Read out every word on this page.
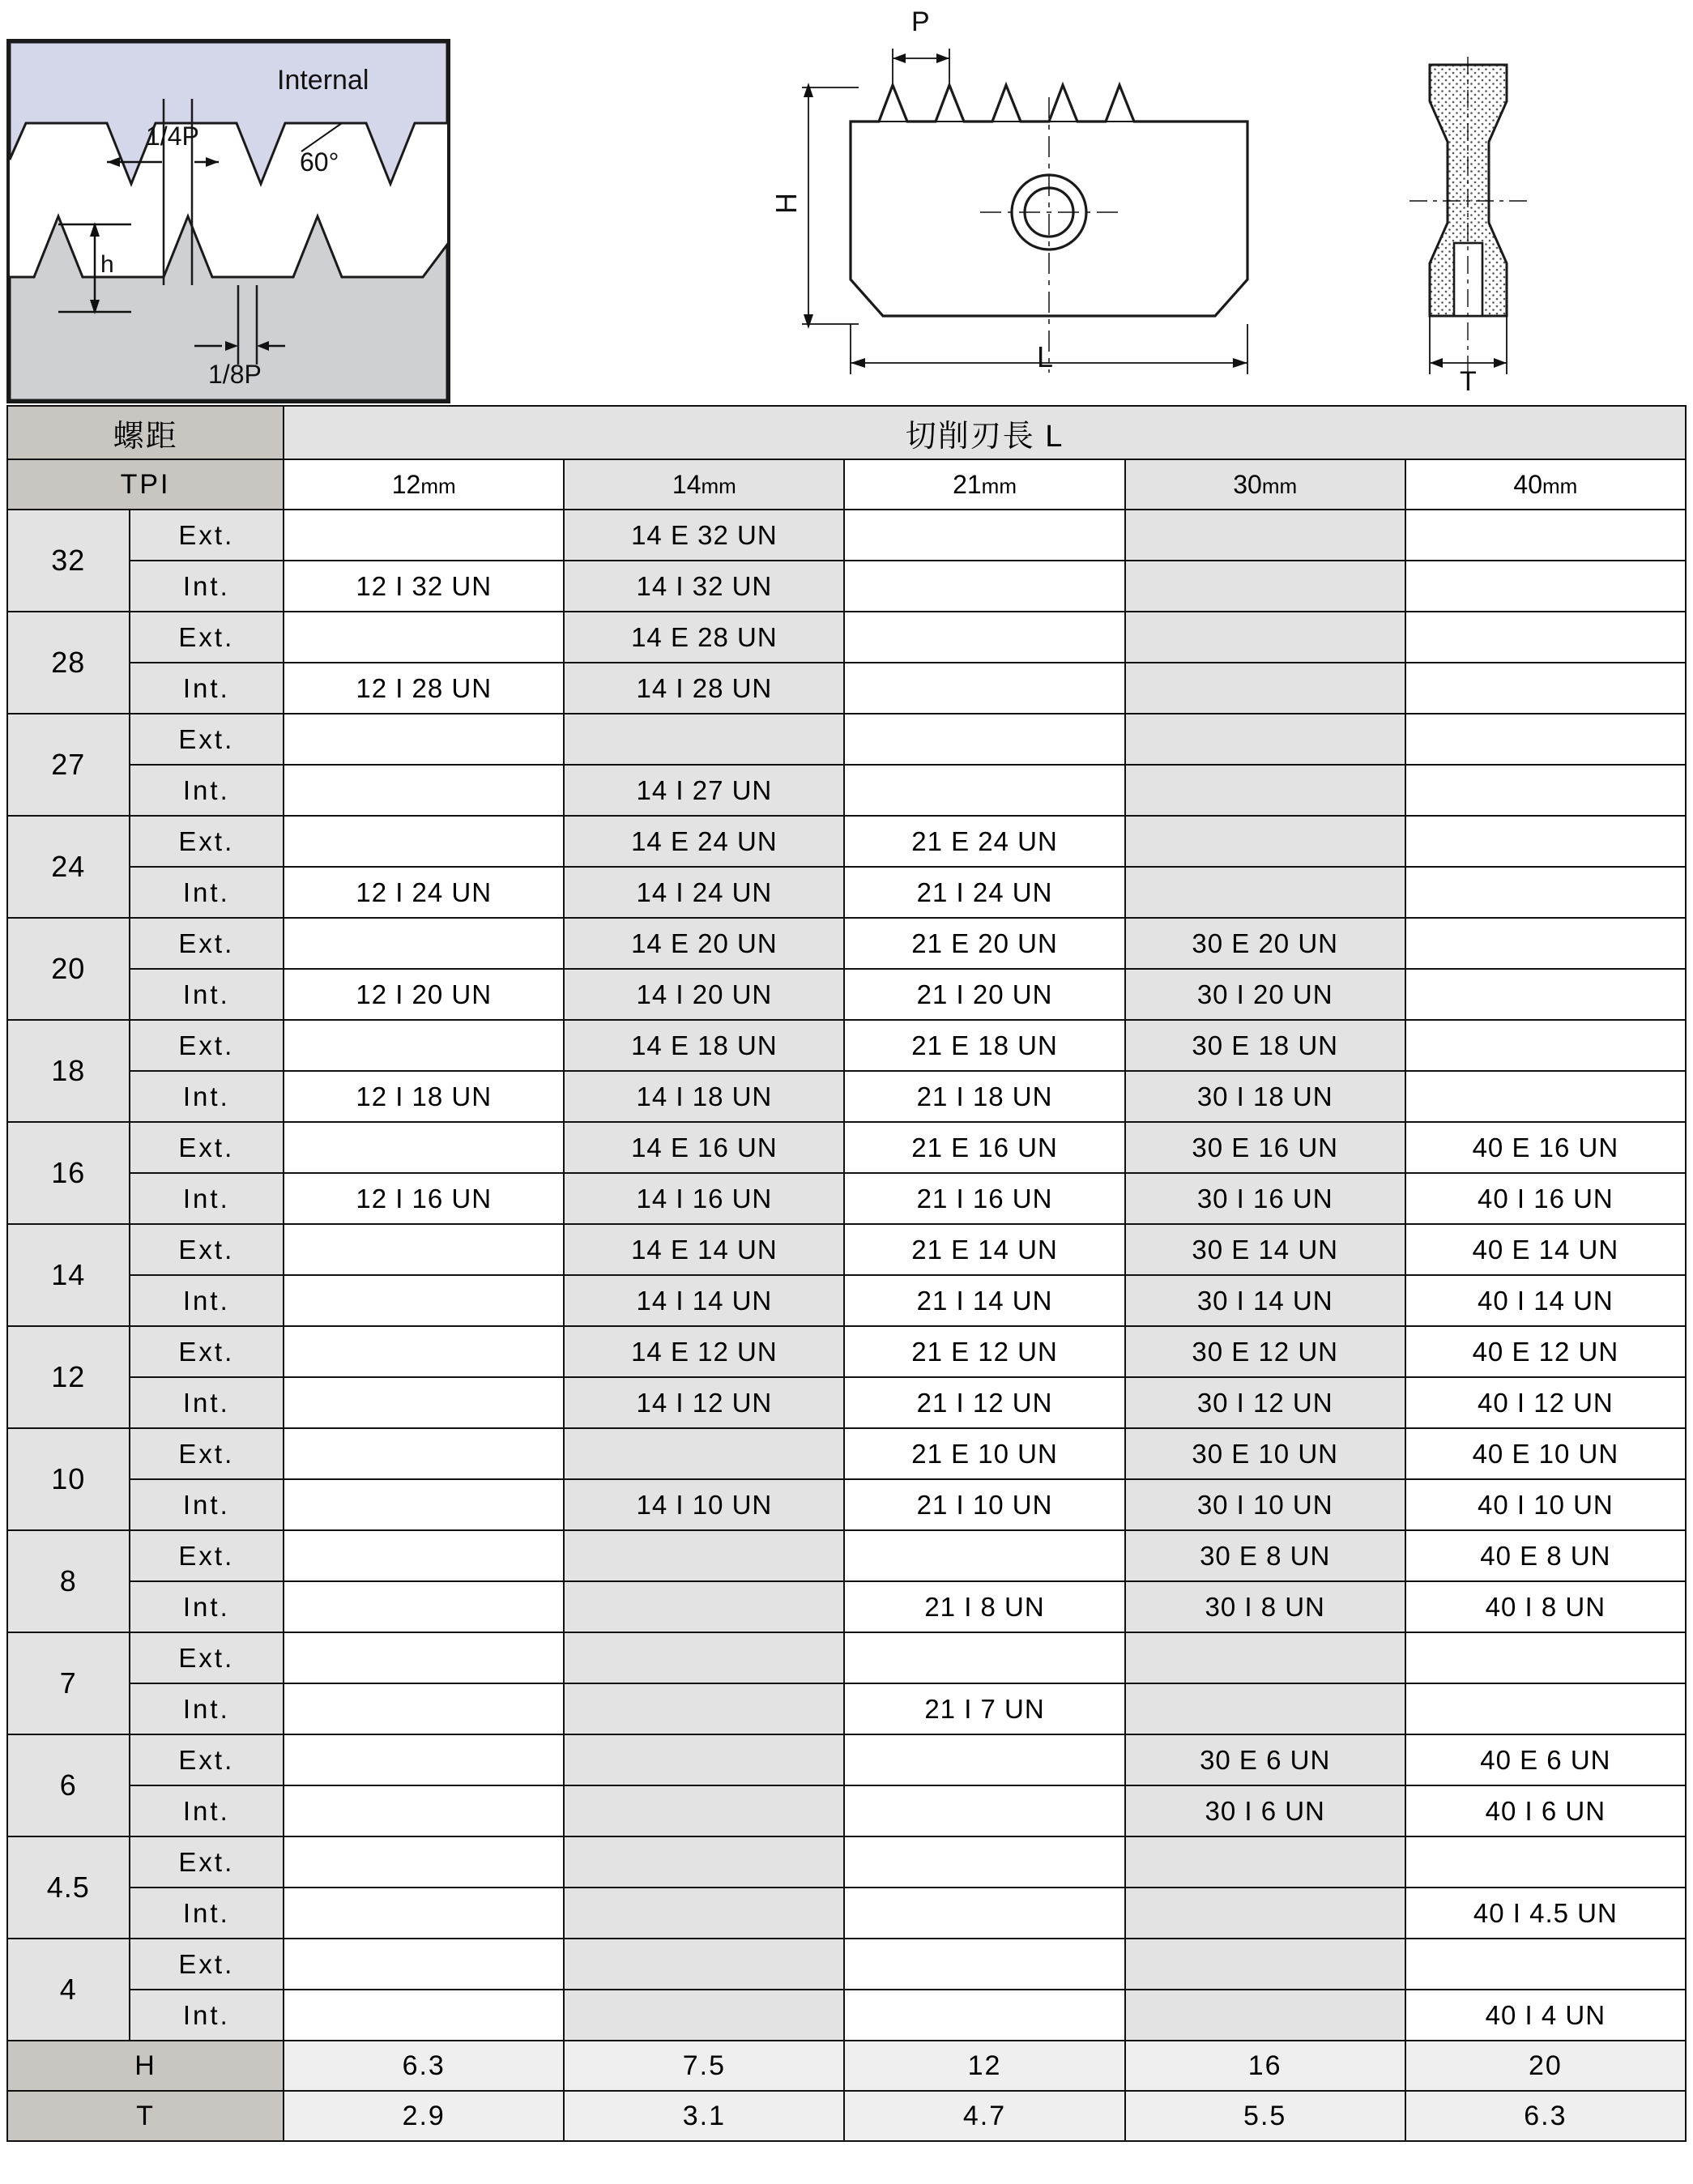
Internal
1/4P
1/8P
60°
h
P
H
L
T
螺距		切削刃長 L				
TPI		12mm	14mm	21mm	30mm	40mm
32	Ext.		14 E 32 UN			
	Int.	12 I 32 UN	14 I 32 UN			
28	Ext.		14 E 28 UN			
	Int.	12 I 28 UN	14 I 28 UN			
27	Ext.					
	Int.		14 I 27 UN			
24	Ext.		14 E 24 UN	21 E 24 UN		
	Int.	12 I 24 UN	14 I 24 UN	21 I 24 UN		
20	Ext.		14 E 20 UN	21 E 20 UN	30 E 20 UN	
	Int.	12 I 20 UN	14 I 20 UN	21 I 20 UN	30 I 20 UN	
18	Ext.		14 E 18 UN	21 E 18 UN	30 E 18 UN	
	Int.	12 I 18 UN	14 I 18 UN	21 I 18 UN	30 I 18 UN	
16	Ext.		14 E 16 UN	21 E 16 UN	30 E 16 UN	40 E 16 UN
	Int.	12 I 16 UN	14 I 16 UN	21 I 16 UN	30 I 16 UN	40 I 16 UN
14	Ext.		14 E 14 UN	21 E 14 UN	30 E 14 UN	40 E 14 UN
	Int.		14 I 14 UN	21 I 14 UN	30 I 14 UN	40 I 14 UN
12	Ext.		14 E 12 UN	21 E 12 UN	30 E 12 UN	40 E 12 UN
	Int.		14 I 12 UN	21 I 12 UN	30 I 12 UN	40 I 12 UN
10	Ext.			21 E 10 UN	30 E 10 UN	40 E 10 UN
	Int.		14 I 10 UN	21 I 10 UN	30 I 10 UN	40 I 10 UN
8	Ext.				30 E 8 UN	40 E 8 UN
	Int.			21 I 8 UN	30 I 8 UN	40 I 8 UN
7	Ext.					
	Int.			21 I 7 UN		
6	Ext.				30 E 6 UN	40 E 6 UN
	Int.				30 I 6 UN	40 I 6 UN
4.5	Ext.					
	Int.					40 I 4.5 UN
4	Ext.					
	Int.					40 I 4 UN
H		6.3	7.5	12	16	20
T		2.9	3.1	4.7	5.5	6.3
